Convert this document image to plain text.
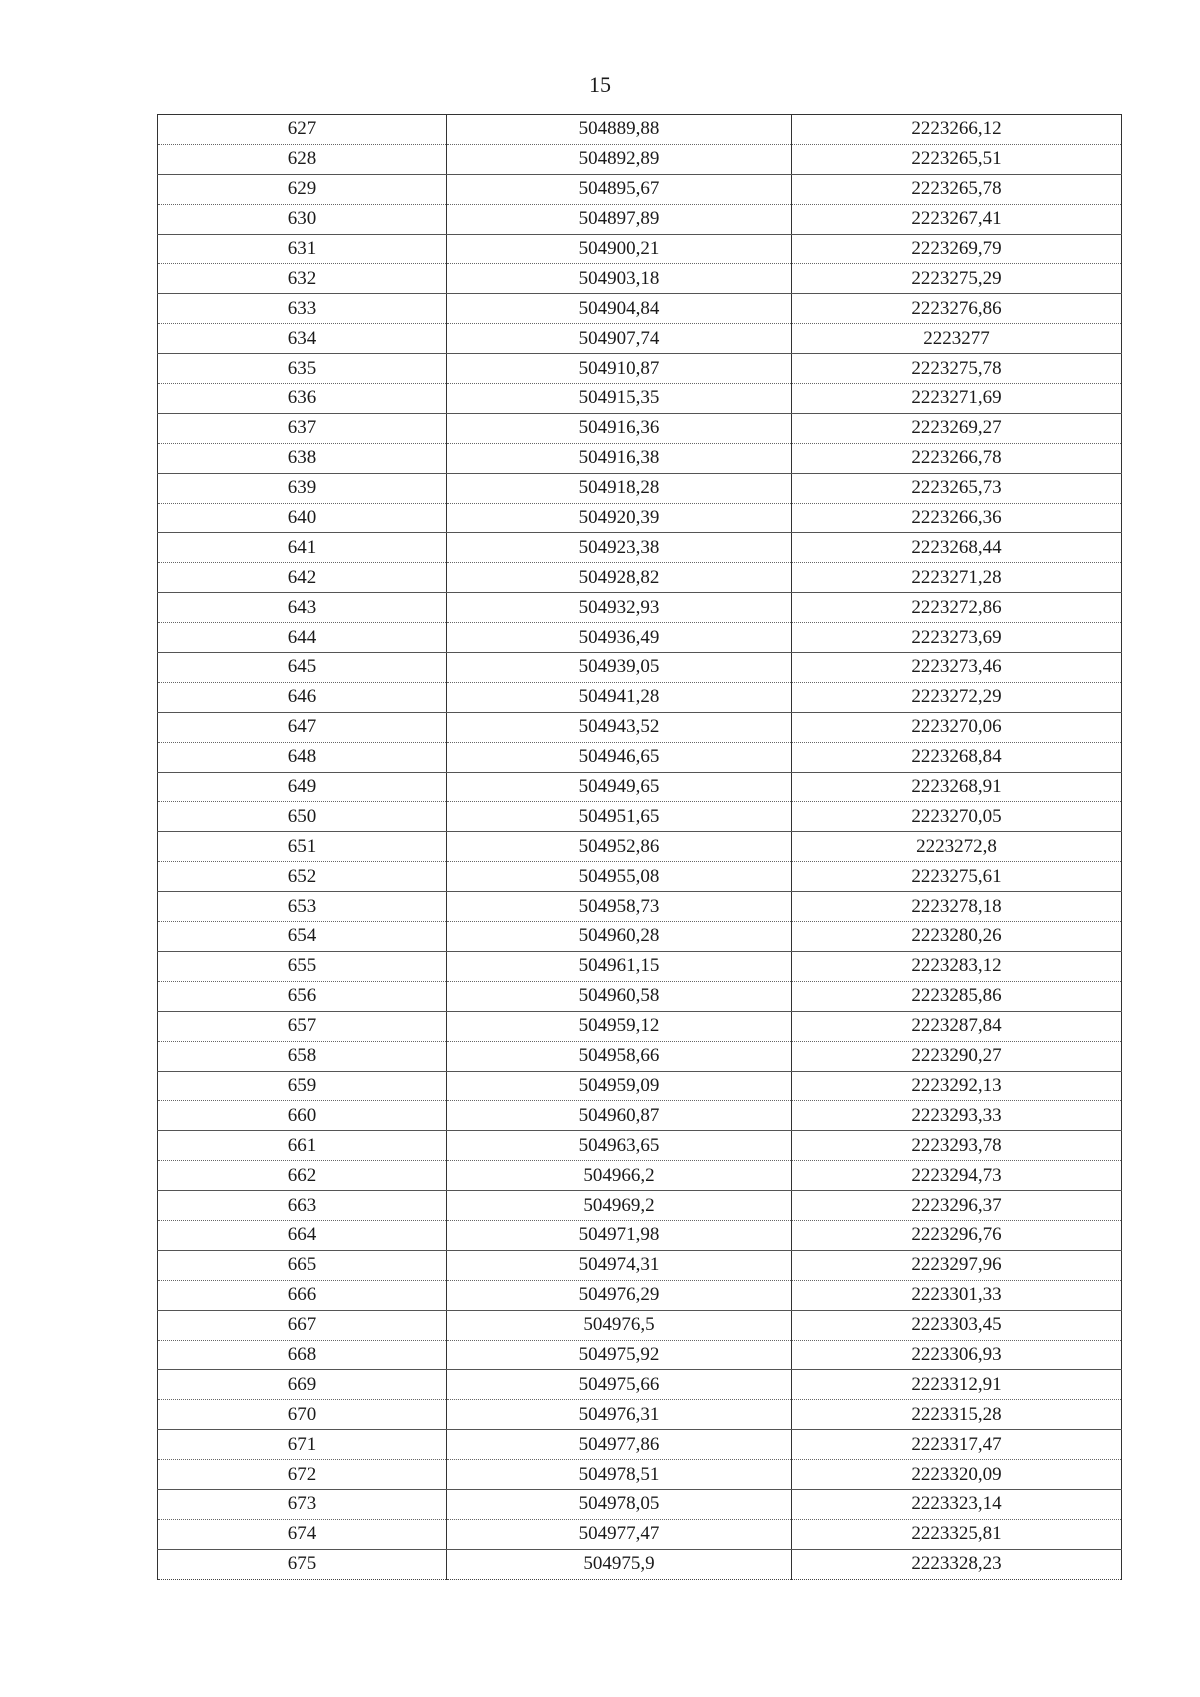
15
627	504889,88	2223266,12
628	504892,89	2223265,51
629	504895,67	2223265,78
630	504897,89	2223267,41
631	504900,21	2223269,79
632	504903,18	2223275,29
633	504904,84	2223276,86
634	504907,74	2223277
635	504910,87	2223275,78
636	504915,35	2223271,69
637	504916,36	2223269,27
638	504916,38	2223266,78
639	504918,28	2223265,73
640	504920,39	2223266,36
641	504923,38	2223268,44
642	504928,82	2223271,28
643	504932,93	2223272,86
644	504936,49	2223273,69
645	504939,05	2223273,46
646	504941,28	2223272,29
647	504943,52	2223270,06
648	504946,65	2223268,84
649	504949,65	2223268,91
650	504951,65	2223270,05
651	504952,86	2223272,8
652	504955,08	2223275,61
653	504958,73	2223278,18
654	504960,28	2223280,26
655	504961,15	2223283,12
656	504960,58	2223285,86
657	504959,12	2223287,84
658	504958,66	2223290,27
659	504959,09	2223292,13
660	504960,87	2223293,33
661	504963,65	2223293,78
662	504966,2	2223294,73
663	504969,2	2223296,37
664	504971,98	2223296,76
665	504974,31	2223297,96
666	504976,29	2223301,33
667	504976,5	2223303,45
668	504975,92	2223306,93
669	504975,66	2223312,91
670	504976,31	2223315,28
671	504977,86	2223317,47
672	504978,51	2223320,09
673	504978,05	2223323,14
674	504977,47	2223325,81
675	504975,9	2223328,23
